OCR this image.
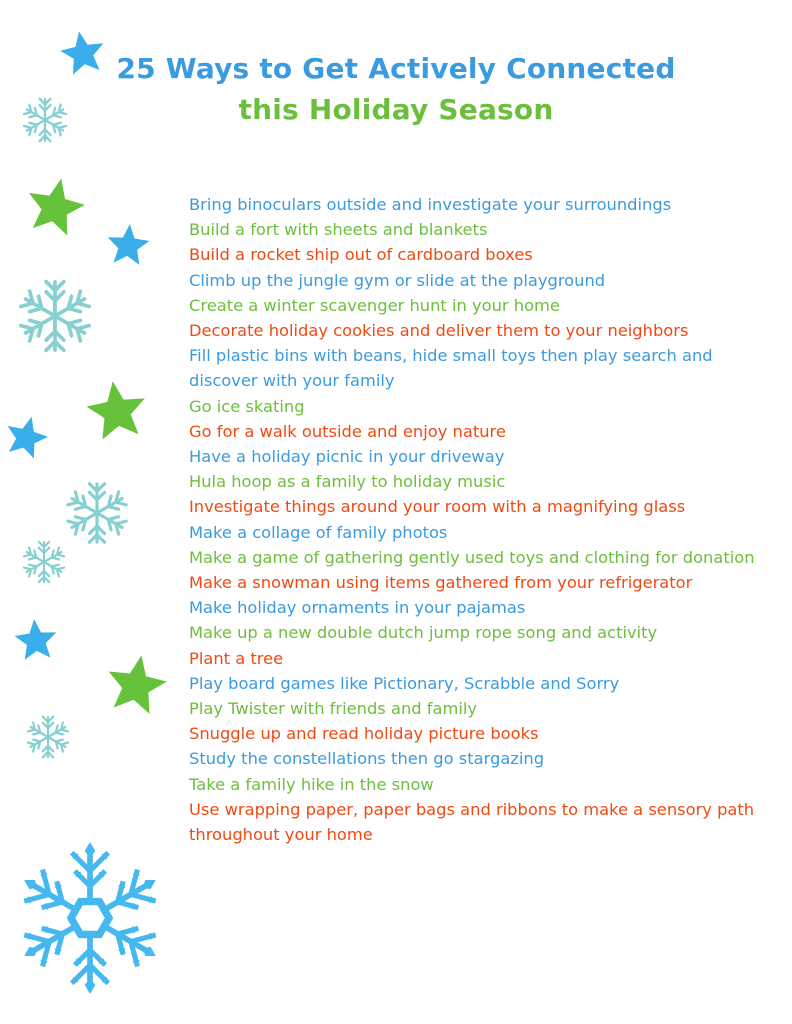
25 Ways to Get Actively Connected
this Holiday Season
Bring binoculars outside and investigate your surroundings
Build a fort with sheets and blankets
Build a rocket ship out of cardboard boxes
Climb up the jungle gym or slide at the playground
Create a winter scavenger hunt in your home
Decorate holiday cookies and deliver them to your neighbors
Fill plastic bins with beans, hide small toys then play search and discover with your family
Go ice skating
Go for a walk outside and enjoy nature
Have a holiday picnic in your driveway
Hula hoop as a family to holiday music
Investigate things around your room with a magnifying glass
Make a collage of family photos
Make a game of gathering gently used toys and clothing for donation
Make a snowman using items gathered from your refrigerator
Make holiday ornaments in your pajamas
Make up a new double dutch jump rope song and activity
Plant a tree
Play board games like Pictionary, Scrabble and Sorry
Play Twister with friends and family
Snuggle up and read holiday picture books
Study the constellations then go stargazing
Take a family hike in the snow
Use wrapping paper, paper bags and ribbons to make a sensory path throughout your home
